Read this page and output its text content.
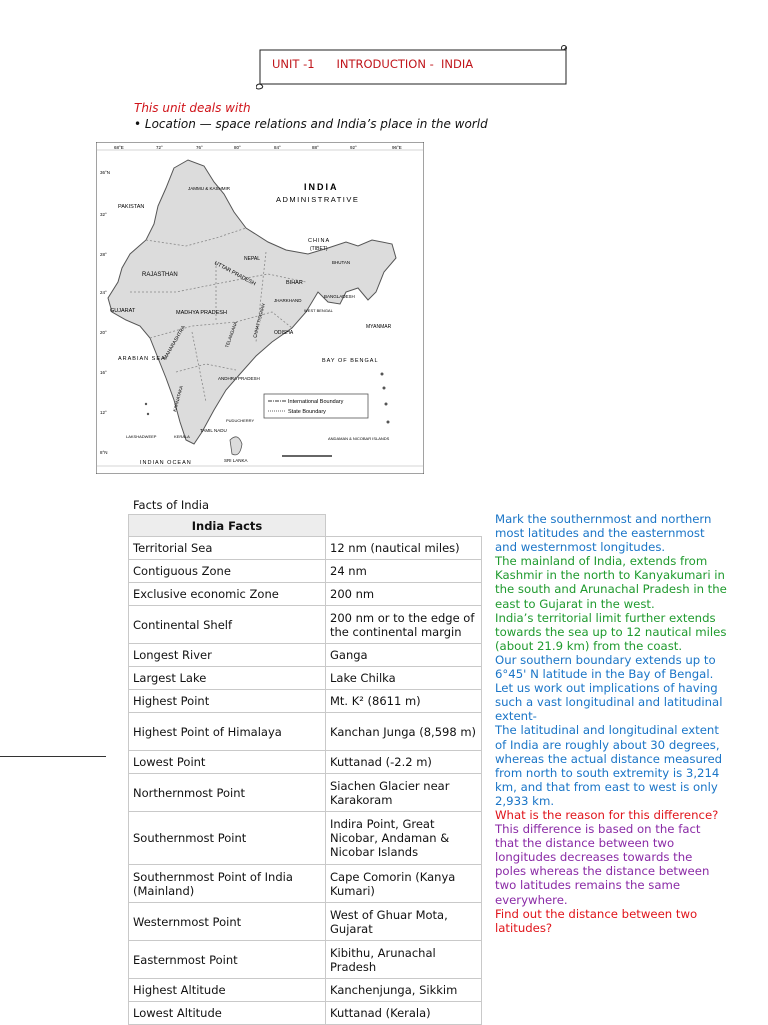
UNIT -1      INTRODUCTION -  INDIA
This unit deals with
• Location — space relations and India’s place in the world
INDIA
ADMINISTRATIVE
International Boundary
State Boundary
PAKISTAN
CHINA
(TIBET)
NEPAL
BHUTAN
BANGLADESH
MYANMAR
RAJASTHAN
GUJARAT	MADHYA PRADESH
UTTAR PRADESH	BIHAR
JHARKHAND
ODISHA
MAHARASHTRA	TELANGANA
ANDHRA PRADESH
KARNATAKA
TAMIL NADU
KERALA
CHHATTISGARH	WEST BENGAL
SRI LANKA
JAMMU & KASHMIR
ARABIAN SEA	BAY OF BENGAL
INDIAN OCEAN
LAKSHADWEEP	ANDAMAN & NICOBAR ISLANDS
PUDUCHERRY
68°E	72°	76°	80°	84°	88°	92°	96°E
36°N
32°
28°
24°
20°
16°
12°
8°N
Facts of India
India Facts	
Territorial Sea	12 nm (nautical miles)
Contiguous Zone	24 nm
Exclusive economic Zone	200 nm
Continental Shelf	200 nm or to the edge of the continental margin
Longest River	Ganga
Largest Lake	Lake Chilka
Highest Point	Mt. K² (8611 m)
Highest Point of Himalaya	Kanchan Junga (8,598 m)
Lowest Point	Kuttanad (-2.2 m)
Northernmost Point	Siachen Glacier near Karakoram
Southernmost Point	Indira Point, Great Nicobar, Andaman & Nicobar Islands
Southernmost Point of India (Mainland)	Cape Comorin (Kanya Kumari)
Westernmost Point	West of Ghuar Mota, Gujarat
Easternmost Point	Kibithu, Arunachal Pradesh
Highest Altitude	Kanchenjunga, Sikkim
Lowest Altitude	Kuttanad (Kerala)
Mark the southernmost and northern most latitudes and the easternmost and westernmost longitudes.
The mainland of India, extends from Kashmir in the north to Kanyakumari in the south and Arunachal Pradesh in the east to Gujarat in the west.
India’s territorial limit further extends towards the sea up to 12 nautical miles (about 21.9 km) from the coast.
Our southern boundary extends up to 6°45' N latitude in the Bay of Bengal.
Let us work out implications of having such a vast longitudinal and latitudinal extent-
The latitudinal and longitudinal extent of India are roughly about 30 degrees, whereas the actual distance measured from north to south extremity is 3,214 km, and that from east to west is only 2,933 km.
What is the reason for this difference?
This difference is based on the fact that the distance between two longitudes decreases towards the poles whereas the distance between two latitudes remains the same everywhere.
Find out the distance between two latitudes?
